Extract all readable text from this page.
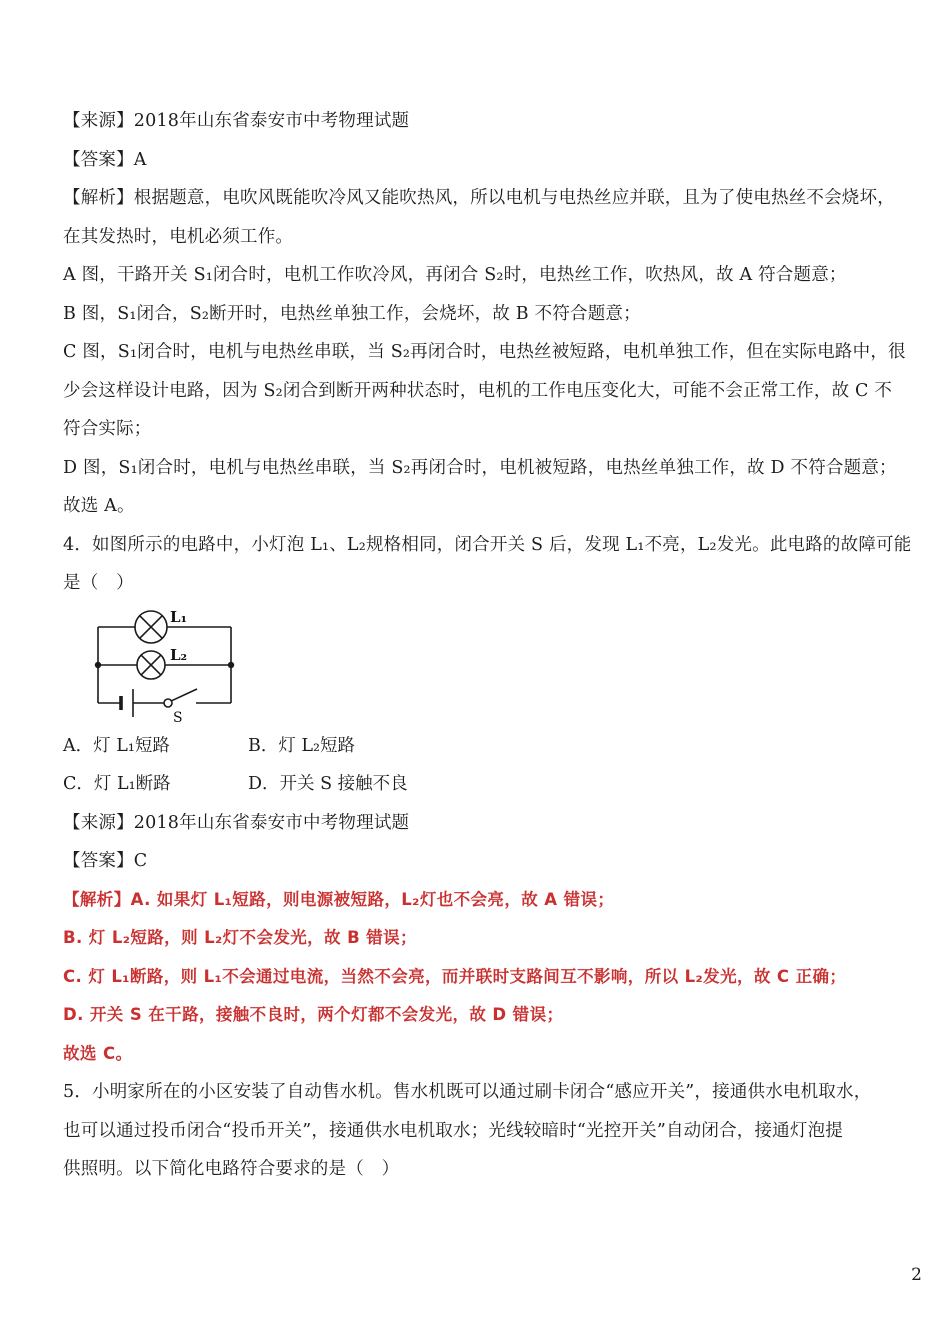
【来源】2018年山东省泰安市中考物理试题
【答案】A
【解析】根据题意，电吹风既能吹冷风又能吹热风，所以电机与电热丝应并联，且为了使电热丝不会烧坏，
在其发热时，电机必须工作。
A 图，干路开关 S₁闭合时，电机工作吹冷风，再闭合 S₂时，电热丝工作，吹热风，故 A 符合题意；
B 图，S₁闭合，S₂断开时，电热丝单独工作，会烧坏，故 B 不符合题意；
C 图，S₁闭合时，电机与电热丝串联，当 S₂再闭合时，电热丝被短路，电机单独工作，但在实际电路中，很
少会这样设计电路，因为 S₂闭合到断开两种状态时，电机的工作电压变化大，可能不会正常工作，故 C 不
符合实际；
D 图，S₁闭合时，电机与电热丝串联，当 S₂再闭合时，电机被短路，电热丝单独工作，故 D 不符合题意；
故选 A。
4．如图所示的电路中，小灯泡 L₁、L₂规格相同，闭合开关 S 后，发现 L₁不亮，L₂发光。此电路的故障可能
是（　）
L₁
L₂
S
A．灯 L₁短路	B．灯 L₂短路
C．灯 L₁断路	D．开关 S 接触不良
【来源】2018年山东省泰安市中考物理试题
【答案】C
【解析】A. 如果灯 L₁短路，则电源被短路，L₂灯也不会亮，故 A 错误；
B. 灯 L₂短路，则 L₂灯不会发光，故 B 错误；
C. 灯 L₁断路，则 L₁不会通过电流，当然不会亮，而并联时支路间互不影响，所以 L₂发光，故 C 正确；
D. 开关 S 在干路，接触不良时，两个灯都不会发光，故 D 错误；
故选 C。
5．小明家所在的小区安装了自动售水机。售水机既可以通过刷卡闭合“感应开关”，接通供水电机取水，
也可以通过投币闭合“投币开关”，接通供水电机取水；光线较暗时“光控开关”自动闭合，接通灯泡提
供照明。以下简化电路符合要求的是（　）
2
